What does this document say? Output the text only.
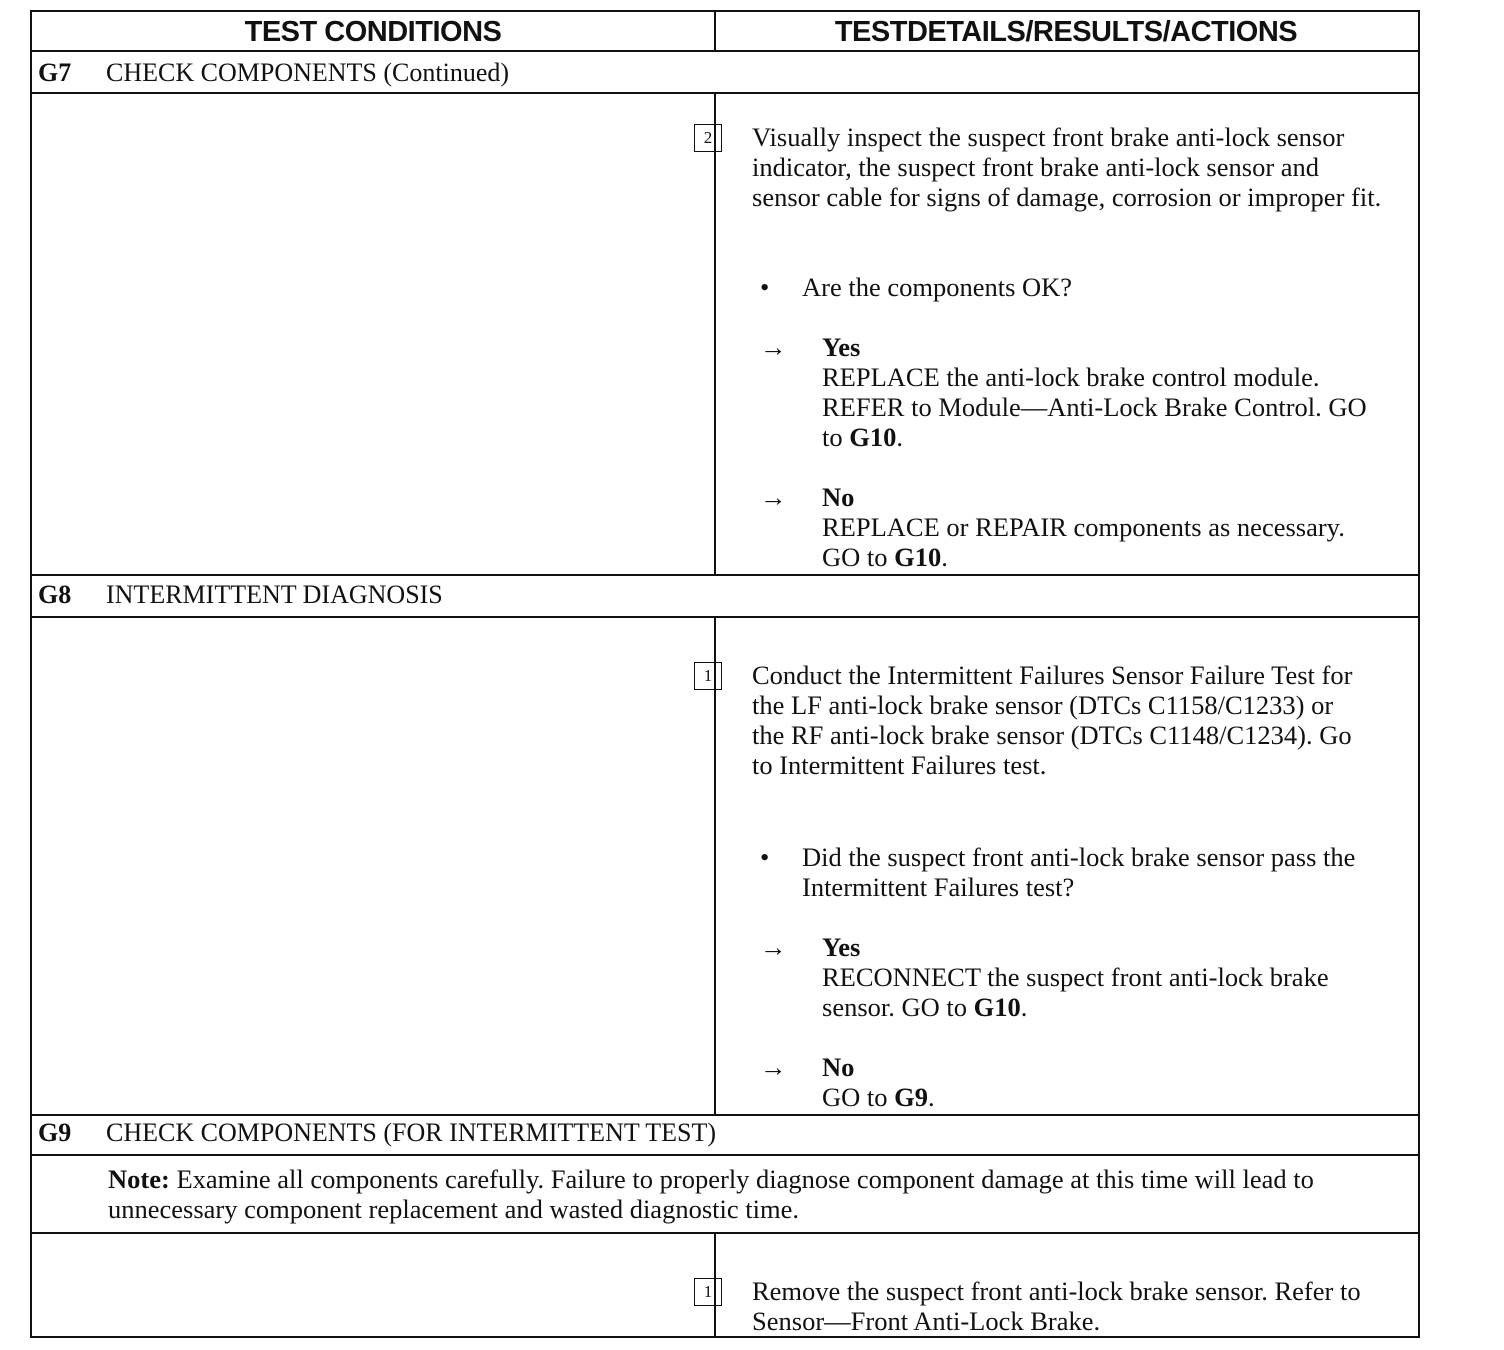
TEST CONDITIONS	TESTDETAILS/RESULTS/ACTIONS
G7 CHECK COMPONENTS (Continued)
2	Visually inspect the suspect front brake anti-lock sensor indicator, the suspect front brake anti-lock sensor and sensor cable for signs of damage, corrosion or improper fit.
• Are the components OK?
→ Yes
REPLACE the anti-lock brake control module. REFER to Module—Anti-Lock Brake Control. GO to G10.
→ No
REPLACE or REPAIR components as necessary. GO to G10.
G8 INTERMITTENT DIAGNOSIS
1	Conduct the Intermittent Failures Sensor Failure Test for the LF anti-lock brake sensor (DTCs C1158/C1233) or the RF anti-lock brake sensor (DTCs C1148/C1234). Go to Intermittent Failures test.
• Did the suspect front anti-lock brake sensor pass the Intermittent Failures test?
→ Yes
RECONNECT the suspect front anti-lock brake sensor. GO to G10.
→ No
GO to G9.
G9 CHECK COMPONENTS (FOR INTERMITTENT TEST)
Note: Examine all components carefully. Failure to properly diagnose component damage at this time will lead to unnecessary component replacement and wasted diagnostic time.
1	Remove the suspect front anti-lock brake sensor. Refer to Sensor—Front Anti-Lock Brake.
